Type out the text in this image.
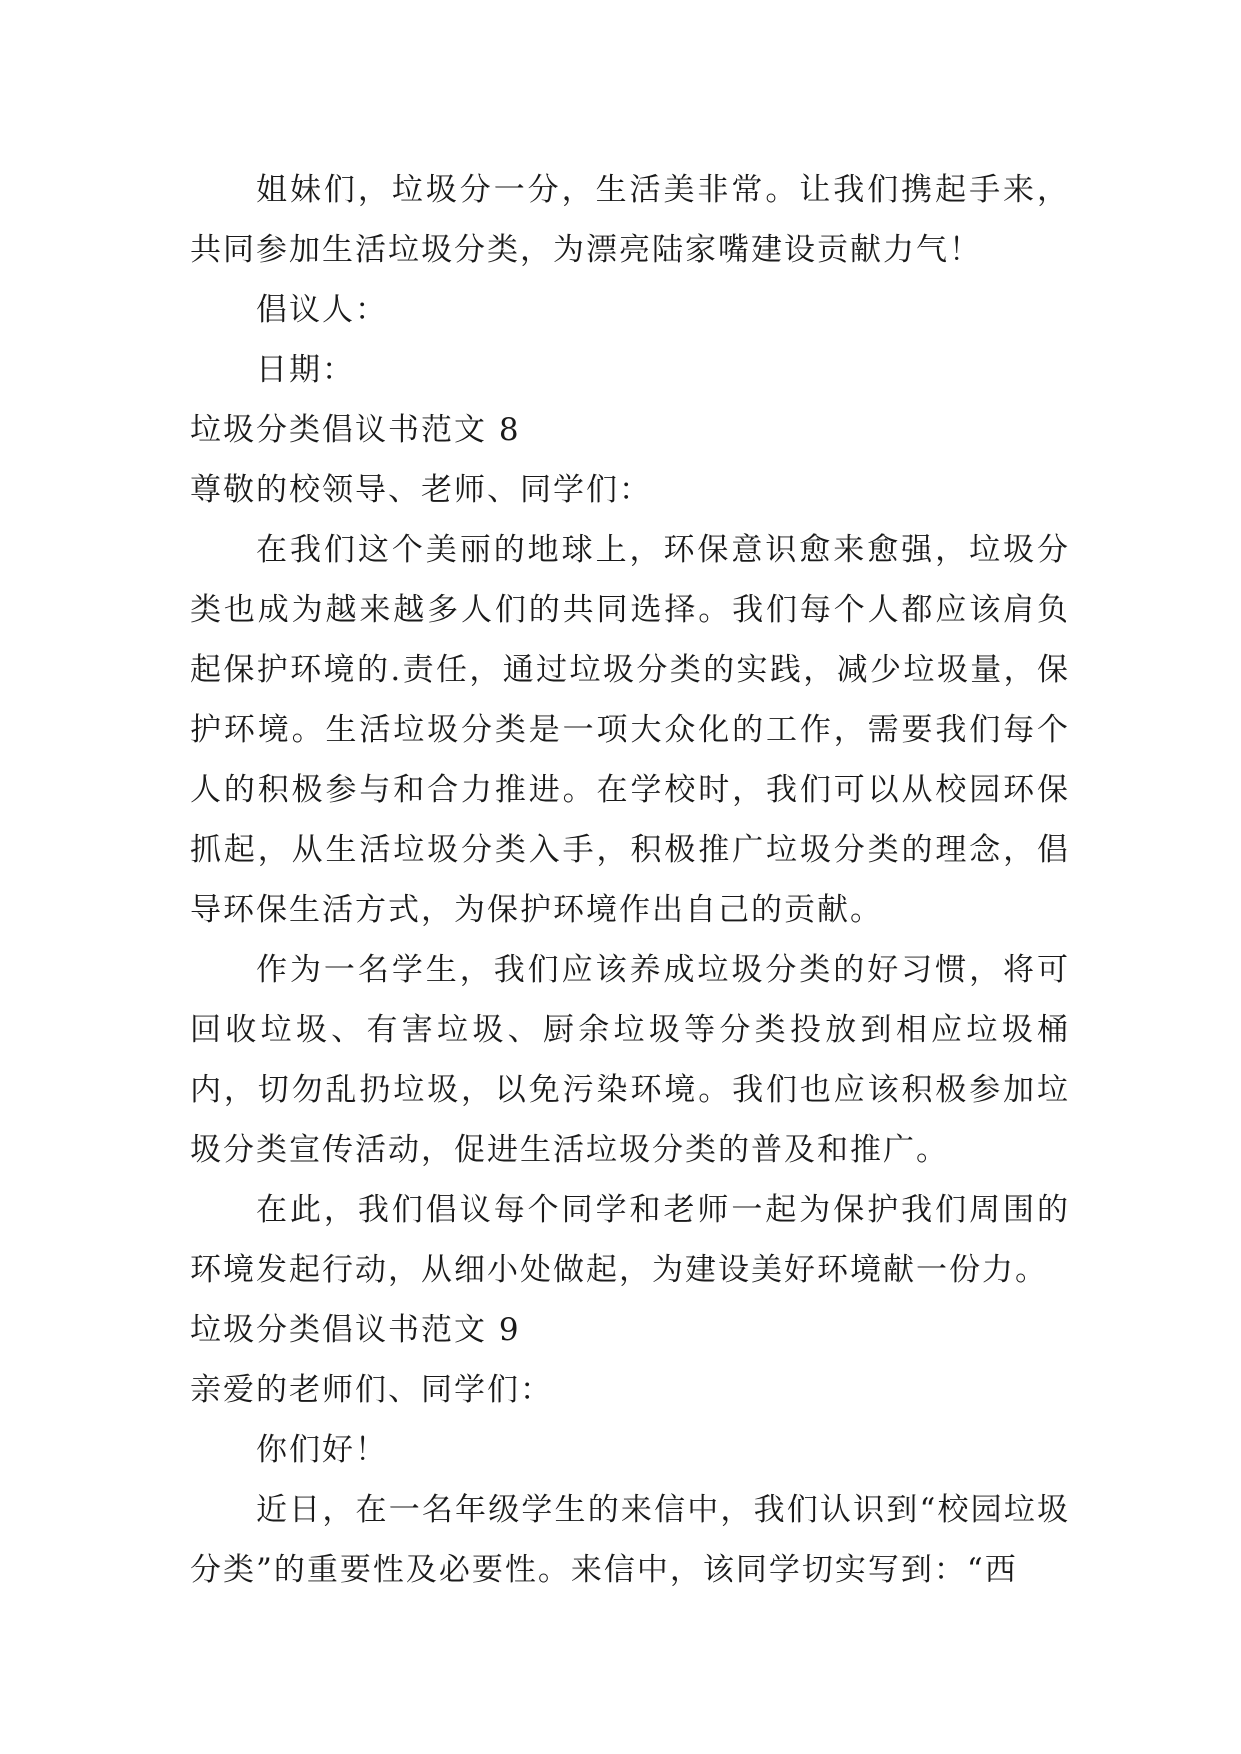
姐妹们，垃圾分一分，生活美非常。让我们携起手来，共同参加生活垃圾分类，为漂亮陆家嘴建设贡献力气！

倡议人：

日期：

垃圾分类倡议书范文 8

尊敬的校领导、老师、同学们：

在我们这个美丽的地球上，环保意识愈来愈强，垃圾分类也成为越来越多人们的共同选择。我们每个人都应该肩负起保护环境的.责任，通过垃圾分类的实践，减少垃圾量，保护环境。生活垃圾分类是一项大众化的工作，需要我们每个人的积极参与和合力推进。在学校时，我们可以从校园环保抓起，从生活垃圾分类入手，积极推广垃圾分类的理念，倡导环保生活方式，为保护环境作出自己的贡献。

作为一名学生，我们应该养成垃圾分类的好习惯，将可回收垃圾、有害垃圾、厨余垃圾等分类投放到相应垃圾桶内，切勿乱扔垃圾，以免污染环境。我们也应该积极参加垃圾分类宣传活动，促进生活垃圾分类的普及和推广。

在此，我们倡议每个同学和老师一起为保护我们周围的环境发起行动，从细小处做起，为建设美好环境献一份力。

垃圾分类倡议书范文 9

亲爱的老师们、同学们：

你们好！

近日，在一名年级学生的来信中，我们认识到“校园垃圾分类”的重要性及必要性。来信中，该同学切实写到：“西
